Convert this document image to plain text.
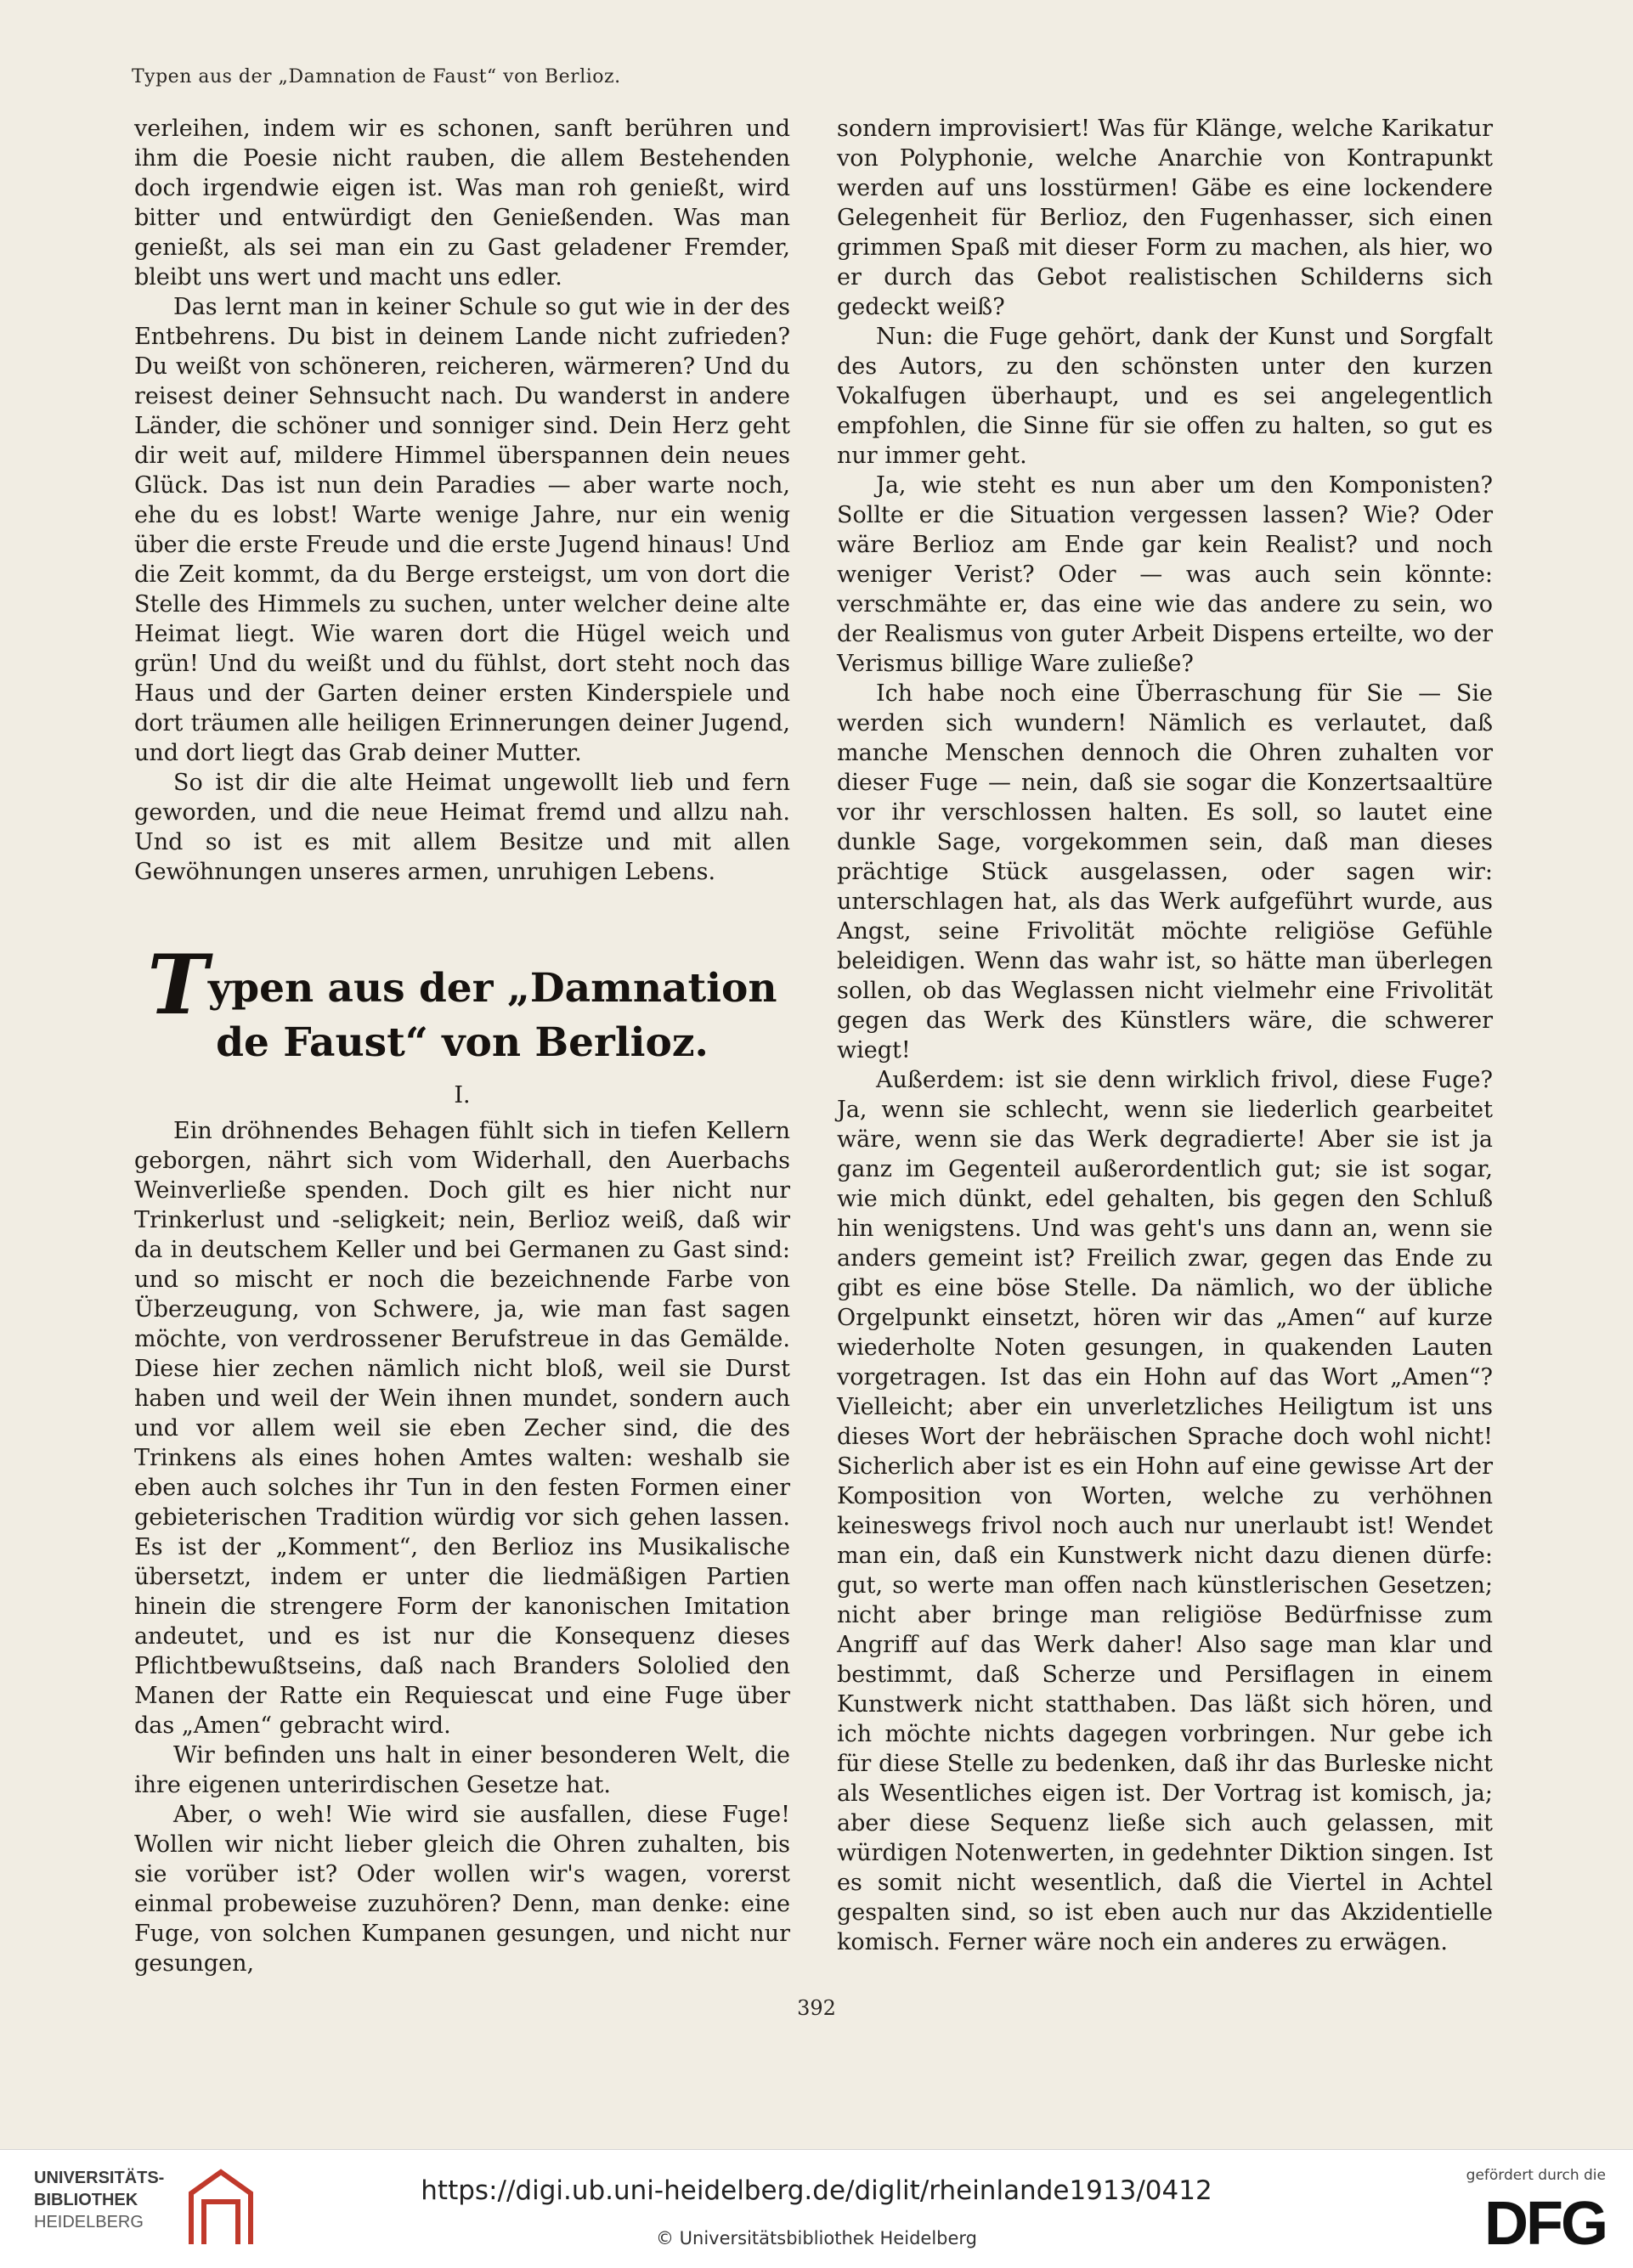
Typen aus der „Damnation de Faust“ von Berlioz.

verleihen, indem wir es schonen, sanft berühren und ihm die Poesie nicht rauben, die allem Bestehenden doch irgendwie eigen ist. Was man roh genießt, wird bitter und entwürdigt den Genießenden. Was man genießt, als sei man ein zu Gast geladener Fremder, bleibt uns wert und macht uns edler.

Das lernt man in keiner Schule so gut wie in der des Entbehrens. Du bist in deinem Lande nicht zufrieden? Du weißt von schöneren, reicheren, wärmeren? Und du reisest deiner Sehnsucht nach. Du wanderst in andere Länder, die schöner und sonniger sind. Dein Herz geht dir weit auf, mildere Himmel überspannen dein neues Glück. Das ist nun dein Paradies — aber warte noch, ehe du es lobst! Warte wenige Jahre, nur ein wenig über die erste Freude und die erste Jugend hinaus! Und die Zeit kommt, da du Berge ersteigst, um von dort die Stelle des Himmels zu suchen, unter welcher deine alte Heimat liegt. Wie waren dort die Hügel weich und grün! Und du weißt und du fühlst, dort steht noch das Haus und der Garten deiner ersten Kinderspiele und dort träumen alle heiligen Erinnerungen deiner Jugend, und dort liegt das Grab deiner Mutter.

So ist dir die alte Heimat ungewollt lieb und fern geworden, und die neue Heimat fremd und allzu nah. Und so ist es mit allem Besitze und mit allen Gewöhnungen unseres armen, unruhigen Lebens.

Typen aus der „Damnation de Faust“ von Berlioz.
I.

Ein dröhnendes Behagen fühlt sich in tiefen Kellern geborgen, nährt sich vom Widerhall, den Auerbachs Weinverließe spenden. Doch gilt es hier nicht nur Trinkerlust und -seligkeit; nein, Berlioz weiß, daß wir da in deutschem Keller und bei Germanen zu Gast sind: und so mischt er noch die bezeichnende Farbe von Überzeugung, von Schwere, ja, wie man fast sagen möchte, von verdrossener Berufstreue in das Gemälde. Diese hier zechen nämlich nicht bloß, weil sie Durst haben und weil der Wein ihnen mundet, sondern auch und vor allem weil sie eben Zecher sind, die des Trinkens als eines hohen Amtes walten: weshalb sie eben auch solches ihr Tun in den festen Formen einer gebieterischen Tradition würdig vor sich gehen lassen. Es ist der „Komment“, den Berlioz ins Musikalische übersetzt, indem er unter die liedmäßigen Partien hinein die strengere Form der kanonischen Imitation andeutet, und es ist nur die Konsequenz dieses Pflichtbewußtseins, daß nach Branders Sololied den Manen der Ratte ein Requiescat und eine Fuge über das „Amen“ gebracht wird.

Wir befinden uns halt in einer besonderen Welt, die ihre eigenen unterirdischen Gesetze hat.

Aber, o weh! Wie wird sie ausfallen, diese Fuge! Wollen wir nicht lieber gleich die Ohren zuhalten, bis sie vorüber ist? Oder wollen wir's wagen, vorerst einmal probeweise zuzuhören? Denn, man denke: eine Fuge, von solchen Kumpanen gesungen, und nicht nur gesungen,

sondern improvisiert! Was für Klänge, welche Karikatur von Polyphonie, welche Anarchie von Kontrapunkt werden auf uns losstürmen! Gäbe es eine lockendere Gelegenheit für Berlioz, den Fugenhasser, sich einen grimmen Spaß mit dieser Form zu machen, als hier, wo er durch das Gebot realistischen Schilderns sich gedeckt weiß?

Nun: die Fuge gehört, dank der Kunst und Sorgfalt des Autors, zu den schönsten unter den kurzen Vokalfugen überhaupt, und es sei angelegentlich empfohlen, die Sinne für sie offen zu halten, so gut es nur immer geht.

Ja, wie steht es nun aber um den Komponisten? Sollte er die Situation vergessen lassen? Wie? Oder wäre Berlioz am Ende gar kein Realist? und noch weniger Verist? Oder — was auch sein könnte: verschmähte er, das eine wie das andere zu sein, wo der Realismus von guter Arbeit Dispens erteilte, wo der Verismus billige Ware zuließe?

Ich habe noch eine Überraschung für Sie — Sie werden sich wundern! Nämlich es verlautet, daß manche Menschen dennoch die Ohren zuhalten vor dieser Fuge — nein, daß sie sogar die Konzertsaaltüre vor ihr verschlossen halten. Es soll, so lautet eine dunkle Sage, vorgekommen sein, daß man dieses prächtige Stück ausgelassen, oder sagen wir: unterschlagen hat, als das Werk aufgeführt wurde, aus Angst, seine Frivolität möchte religiöse Gefühle beleidigen. Wenn das wahr ist, so hätte man überlegen sollen, ob das Weglassen nicht vielmehr eine Frivolität gegen das Werk des Künstlers wäre, die schwerer wiegt!

Außerdem: ist sie denn wirklich frivol, diese Fuge? Ja, wenn sie schlecht, wenn sie liederlich gearbeitet wäre, wenn sie das Werk degradierte! Aber sie ist ja ganz im Gegenteil außerordentlich gut; sie ist sogar, wie mich dünkt, edel gehalten, bis gegen den Schluß hin wenigstens. Und was geht's uns dann an, wenn sie anders gemeint ist? Freilich zwar, gegen das Ende zu gibt es eine böse Stelle. Da nämlich, wo der übliche Orgelpunkt einsetzt, hören wir das „Amen“ auf kurze wiederholte Noten gesungen, in quakenden Lauten vorgetragen. Ist das ein Hohn auf das Wort „Amen“? Vielleicht; aber ein unverletzliches Heiligtum ist uns dieses Wort der hebräischen Sprache doch wohl nicht! Sicherlich aber ist es ein Hohn auf eine gewisse Art der Komposition von Worten, welche zu verhöhnen keineswegs frivol noch auch nur unerlaubt ist! Wendet man ein, daß ein Kunstwerk nicht dazu dienen dürfe: gut, so werte man offen nach künstlerischen Gesetzen; nicht aber bringe man religiöse Bedürfnisse zum Angriff auf das Werk daher! Also sage man klar und bestimmt, daß Scherze und Persiflagen in einem Kunstwerk nicht statthaben. Das läßt sich hören, und ich möchte nichts dagegen vorbringen. Nur gebe ich für diese Stelle zu bedenken, daß ihr das Burleske nicht als Wesentliches eigen ist. Der Vortrag ist komisch, ja; aber diese Sequenz ließe sich auch gelassen, mit würdigen Notenwerten, in gedehnter Diktion singen. Ist es somit nicht wesentlich, daß die Viertel in Achtel gespalten sind, so ist eben auch nur das Akzidentielle komisch. Ferner wäre noch ein anderes zu erwägen.

392
UNIVERSITÄTS-
BIBLIOTHEK
HEIDELBERG
https://digi.ub.uni-heidelberg.de/diglit/rheinlande1913/0412
© Universitätsbibliothek Heidelberg
gefördert durch die
DFG
